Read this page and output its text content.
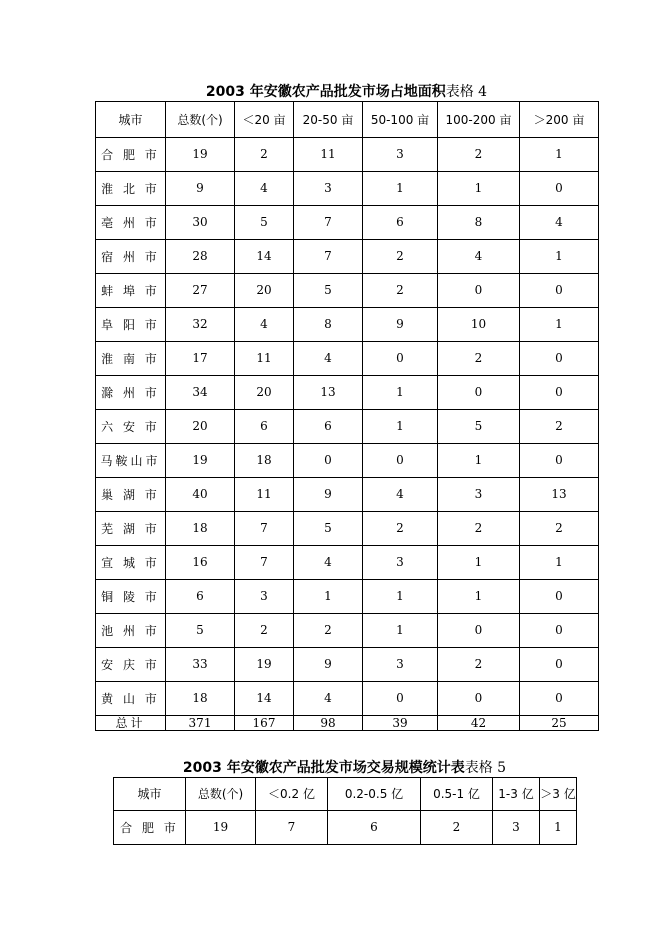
2003 年安徽农产品批发市场占地面积表格 4
城市	总数(个)	＜20 亩	20-50 亩	50-100 亩	100-200 亩	＞200 亩
合 肥 市	19	2	11	3	2	1
淮 北 市	9	4	3	1	1	0
亳 州 市	30	5	7	6	8	4
宿 州 市	28	14	7	2	4	1
蚌 埠 市	27	20	5	2	0	0
阜 阳 市	32	4	8	9	10	1
淮 南 市	17	11	4	0	2	0
滁 州 市	34	20	13	1	0	0
六 安 市	20	6	6	1	5	2
马鞍山市	19	18	0	0	1	0
巢 湖 市	40	11	9	4	3	13
芜 湖 市	18	7	5	2	2	2
宣 城 市	16	7	4	3	1	1
铜 陵 市	6	3	1	1	1	0
池 州 市	5	2	2	1	0	0
安 庆 市	33	19	9	3	2	0
黄 山 市	18	14	4	0	0	0
总计	371	167	98	39	42	25
2003 年安徽农产品批发市场交易规模统计表表格 5
城市	总数(个)	＜0.2 亿	0.2-0.5 亿	0.5-1 亿	1-3 亿	＞3 亿
合 肥 市	19	7	6	2	3	1
